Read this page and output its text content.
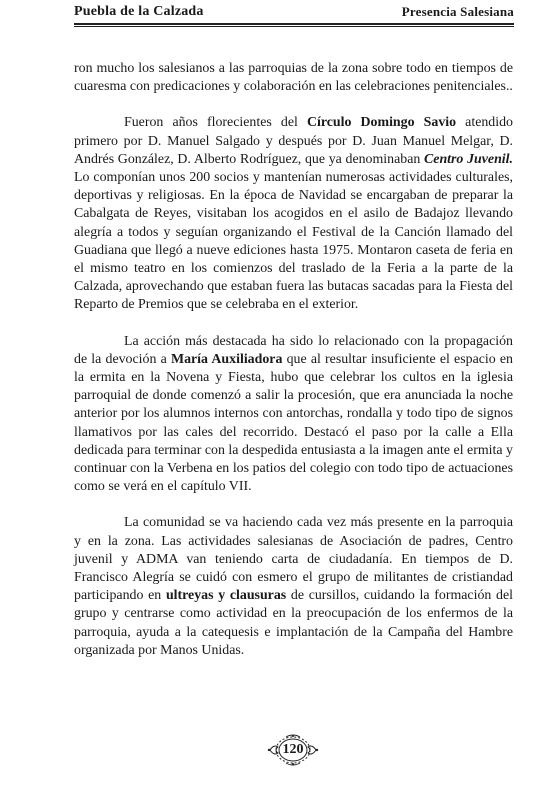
Puebla de la Calzada	Presencia Salesiana

ron mucho los salesianos a las parroquias de la zona sobre todo en tiempos de cuaresma con predicaciones y colaboración en las celebraciones penitenciales..

Fueron años florecientes del Círculo Domingo Savio atendido primero por D. Manuel Salgado y después por D. Juan Manuel Melgar, D. Andrés González, D. Alberto Rodríguez, que ya denominaban Centro Juvenil. Lo componían unos 200 socios y mantenían numerosas actividades culturales, deportivas y religiosas. En la época de Navidad se encargaban de preparar la Cabalgata de Reyes, visitaban los acogidos en el asilo de Badajoz llevando alegría a todos y seguían organizando el Festival de la Canción llamado del Guadiana que llegó a nueve ediciones hasta 1975. Montaron caseta de feria en el mismo teatro en los comienzos del traslado de la Feria a la parte de la Calzada, aprovechando que estaban fuera las butacas sacadas para la Fiesta del Reparto de Premios que se celebraba en el exterior.

La acción más destacada ha sido lo relacionado con la propagación de la devoción a María Auxiliadora que al resultar insuficiente el espacio en la ermita en la Novena y Fiesta, hubo que celebrar los cultos en la iglesia parroquial de donde comenzó a salir la procesión, que era anunciada la noche anterior por los alumnos internos con antorchas, rondalla y todo tipo de signos llamativos por las cales del recorrido. Destacó el paso por la calle a Ella dedicada para terminar con la despedida entusiasta a la imagen ante el ermita y continuar con la Verbena en los patios del colegio con todo tipo de actuaciones como se verá en el capítulo VII.

La comunidad se va haciendo cada vez más presente en la parroquia y en la zona. Las actividades salesianas de Asociación de padres, Centro juvenil y ADMA van teniendo carta de ciudadanía. En tiempos de D. Francisco Alegría se cuidó con esmero el grupo de militantes de cristiandad participando en ultreyas y clausuras de cursillos, cuidando la formación del grupo y centrarse como actividad en la preocupación de los enfermos de la parroquia, ayuda a la catequesis e implantación de la Campaña del Hambre organizada por Manos Unidas.

120
